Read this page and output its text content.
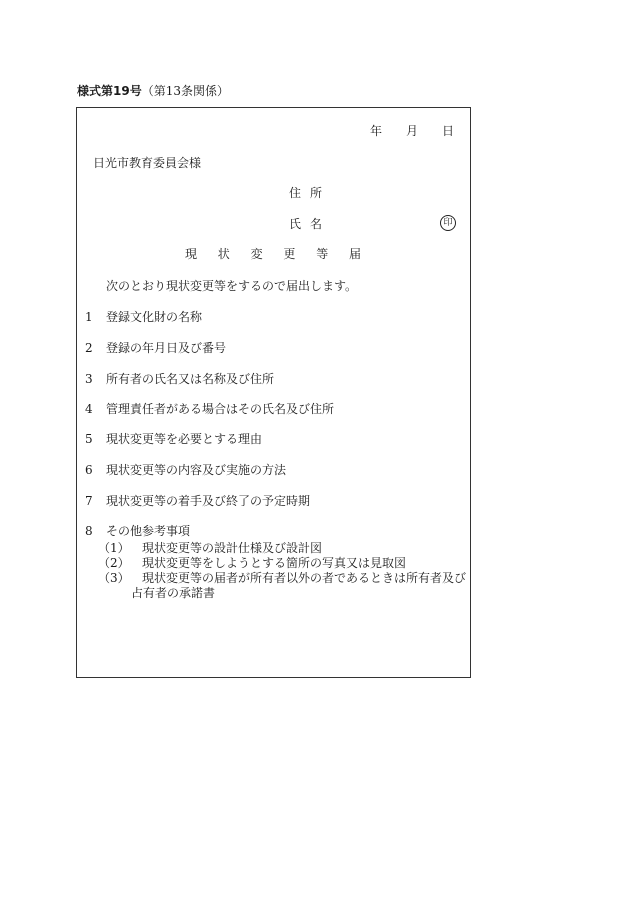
様式第19号（第13条関係）
年 月 日
日光市教育委員会様
住所
氏名	印
現 状 変 更 等 届
次のとおり現状変更等をするので届出します。
1 登録文化財の名称
2 登録の年月日及び番号
3 所有者の氏名又は名称及び住所
4 管理責任者がある場合はその氏名及び住所
5 現状変更等を必要とする理由
6 現状変更等の内容及び実施の方法
7 現状変更等の着手及び終了の予定時期
8 その他参考事項
（1） 現状変更等の設計仕様及び設計図
（2） 現状変更等をしようとする箇所の写真又は見取図
（3） 現状変更等の届者が所有者以外の者であるときは所有者及び
占有者の承諾書
